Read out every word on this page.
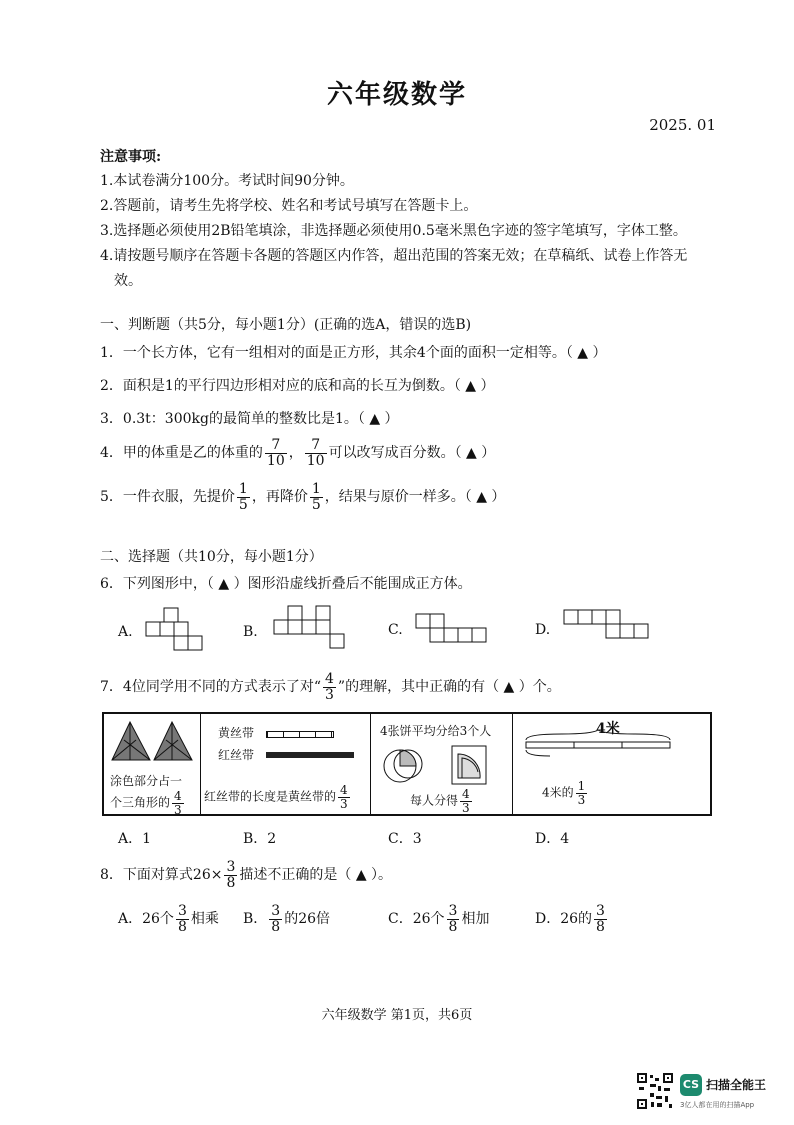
六年级数学
2025. 01
注意事项:
1.本试卷满分100分。考试时间90分钟。
2.答题前，请考生先将学校、姓名和考试号填写在答题卡上。
3.选择题必须使用2B铅笔填涂，非选择题必须使用0.5毫米黑色字迹的签字笔填写，字体工整。
4.请按题号顺序在答题卡各题的答题区内作答，超出范围的答案无效；在草稿纸、试卷上作答无
效。
一、判断题（共5分，每小题1分）(正确的选A，错误的选B)
1．一个长方体，它有一组相对的面是正方形，其余4个面的面积一定相等。（ ▲ ）
2．面积是1的平行四边形相对应的底和高的长互为倒数。（ ▲ ）
3．0.3t：300kg的最简单的整数比是1。（ ▲ ）
4．甲的体重是乙的体重的 $\frac{7}{10}$ ， $\frac{7}{10}$ 可以改写成百分数。（ ▲ ）
5．一件衣服，先提价 $\frac{1}{5}$ ，再降价 $\frac{1}{5}$ ，结果与原价一样多。（ ▲ ）
二、选择题（共10分，每小题1分）
6．下列图形中，（ ▲ ）图形沿虚线折叠后不能围成正方体。
A.	B.	C.	D.
7．4位同学用不同的方式表示了对“ $\frac{4}{3}$ ”的理解，其中正确的有（ ▲ ）个。
涂色部分占一
个三角形的 $\frac{4}{3}$
黄丝带
红丝带
红丝带的长度是黄丝带的 $\frac{4}{3}$
4张饼平均分给3个人
每人分得 $\frac{4}{3}$
4米
4米的 $\frac{1}{3}$
A．1	B．2	C．3	D．4
8．下面对算式$26\times \frac{3}{8}$ 描述不正确的是（ ▲ ）。
A．26个 $\frac{3}{8}$ 相乘 B． $\frac{3}{8}$ 的26倍	C．26个 $\frac{3}{8}$ 相加	D．26的 $\frac{3}{8}$
六年级数学 第1页，共6页
CS 扫描全能王
3亿人都在用的扫描App
